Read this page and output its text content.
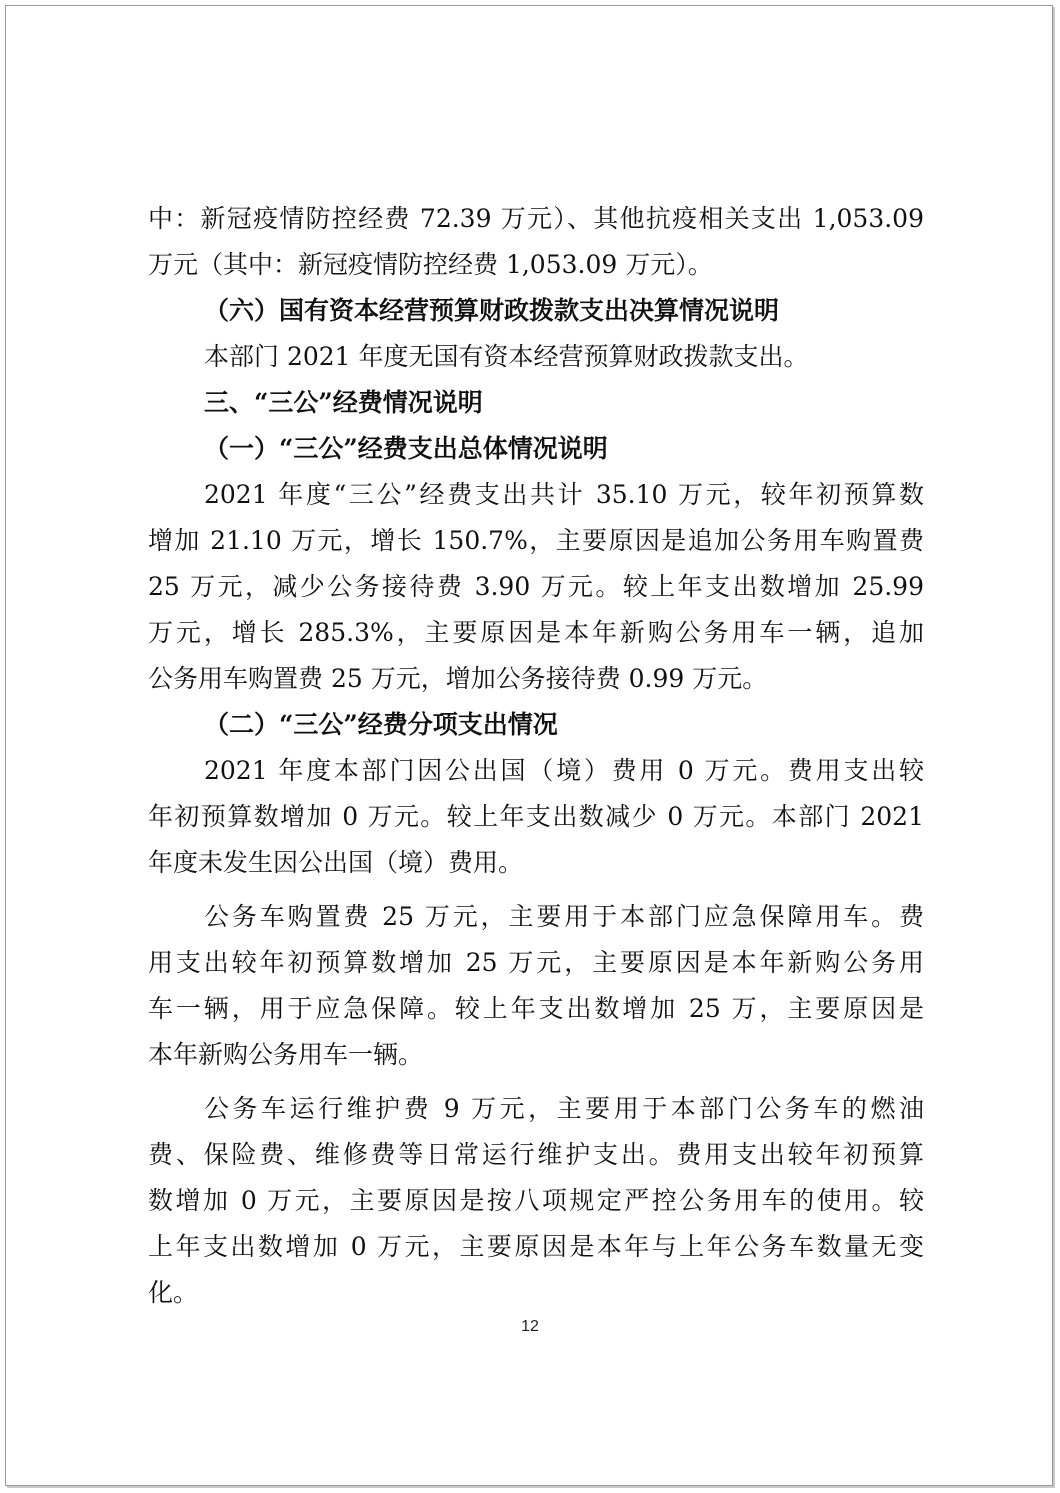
中：新冠疫情防控经费 72.39 万元）、其他抗疫相关支出 1,053.09
万元（其中：新冠疫情防控经费 1,053.09 万元）。
（六）国有资本经营预算财政拨款支出决算情况说明
本部门 2021 年度无国有资本经营预算财政拨款支出。
三、“三公”经费情况说明
（一）“三公”经费支出总体情况说明
2021 年度“三公”经费支出共计 35.10 万元，较年初预算数
增加 21.10 万元，增长 150.7%，主要原因是追加公务用车购置费
25 万元，减少公务接待费 3.90 万元。较上年支出数增加 25.99
万元，增长 285.3%，主要原因是本年新购公务用车一辆，追加
公务用车购置费 25 万元，增加公务接待费 0.99 万元。
（二）“三公”经费分项支出情况
2021 年度本部门因公出国（境）费用 0 万元。费用支出较
年初预算数增加 0 万元。较上年支出数减少 0 万元。本部门 2021
年度未发生因公出国（境）费用。
公务车购置费 25 万元，主要用于本部门应急保障用车。费
用支出较年初预算数增加 25 万元，主要原因是本年新购公务用
车一辆，用于应急保障。较上年支出数增加 25 万，主要原因是
本年新购公务用车一辆。
公务车运行维护费 9 万元，主要用于本部门公务车的燃油
费、保险费、维修费等日常运行维护支出。费用支出较年初预算
数增加 0 万元，主要原因是按八项规定严控公务用车的使用。较
上年支出数增加 0 万元，主要原因是本年与上年公务车数量无变
化。
12
